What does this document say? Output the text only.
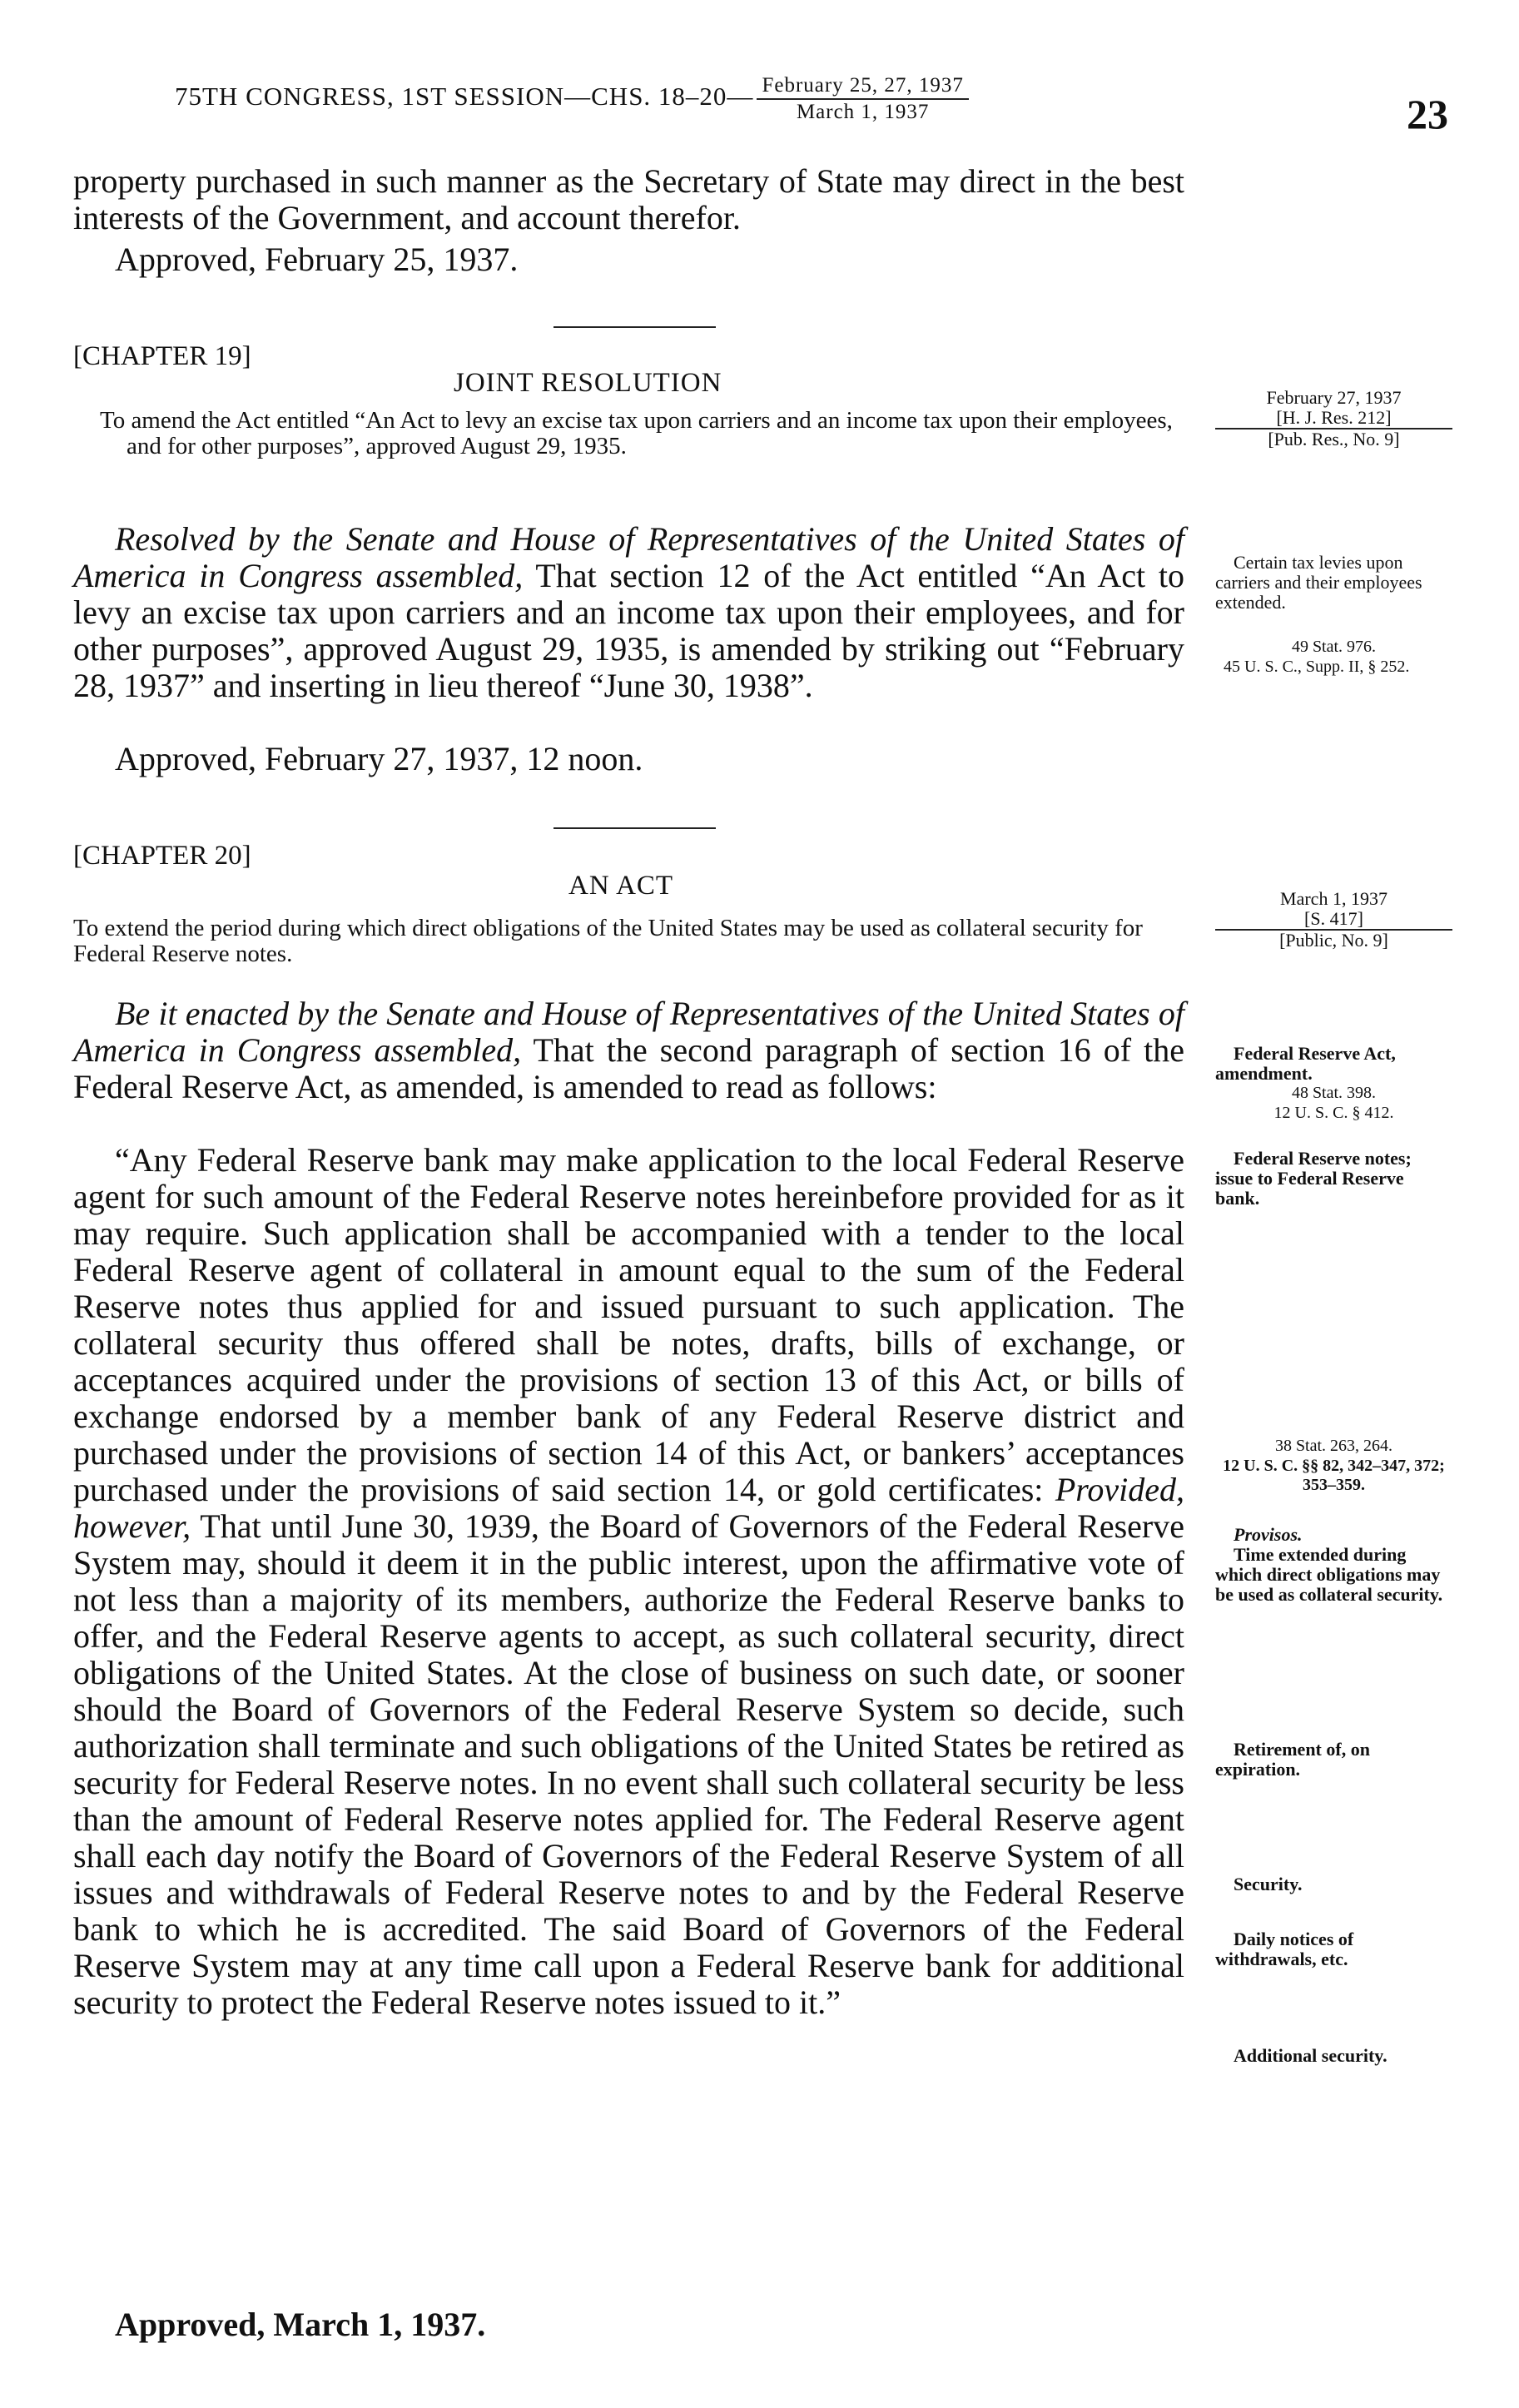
75TH CONGRESS, 1ST SESSION—CHS. 18–20— $\frac{\text{February 25, 27, 1937}}{\text{March 1, 1937}}$	23
property purchased in such manner as the Secretary of State may direct in the best interests of the Government, and account therefor.
Approved, February 25, 1937.
[CHAPTER 19]
JOINT RESOLUTION
To amend the Act entitled “An Act to levy an excise tax upon carriers and an income tax upon their employees, and for other purposes”, approved August 29, 1935.
February 27, 1937

[H. J. Res. 212]
[Pub. Res., No. 9]
Resolved by the Senate and House of Representatives of the United States of America in Congress assembled, That section 12 of the Act entitled “An Act to levy an excise tax upon carriers and an income tax upon their employees, and for other purposes”, approved August 29, 1935, is amended by striking out “February 28, 1937” and inserting in lieu thereof “June 30, 1938”.
Approved, February 27, 1937, 12 noon.
Certain tax levies upon carriers and their employees extended.
49 Stat. 976.
45 U. S. C., Supp. II, § 252.
[CHAPTER 20]
AN ACT
To extend the period during which direct obligations of the United States may be used as collateral security for Federal Reserve notes.
March 1, 1937

[S. 417]
[Public, No. 9]
Be it enacted by the Senate and House of Representatives of the United States of America in Congress assembled, That the second paragraph of section 16 of the Federal Reserve Act, as amended, is amended to read as follows:
“Any Federal Reserve bank may make application to the local Federal Reserve agent for such amount of the Federal Reserve notes hereinbefore provided for as it may require. Such application shall be accompanied with a tender to the local Federal Reserve agent of collateral in amount equal to the sum of the Federal Reserve notes thus applied for and issued pursuant to such application. The collateral security thus offered shall be notes, drafts, bills of exchange, or acceptances acquired under the provisions of section 13 of this Act, or bills of exchange endorsed by a member bank of any Federal Reserve district and purchased under the provisions of section 14 of this Act, or bankers’ acceptances purchased under the provisions of said section 14, or gold certificates: Provided, however, That until June 30, 1939, the Board of Governors of the Federal Reserve System may, should it deem it in the public interest, upon the affirmative vote of not less than a majority of its members, authorize the Federal Reserve banks to offer, and the Federal Reserve agents to accept, as such collateral security, direct obligations of the United States. At the close of business on such date, or sooner should the Board of Governors of the Federal Reserve System so decide, such authorization shall terminate and such obligations of the United States be retired as security for Federal Reserve notes. In no event shall such collateral security be less than the amount of Federal Reserve notes applied for. The Federal Reserve agent shall each day notify the Board of Governors of the Federal Reserve System of all issues and withdrawals of Federal Reserve notes to and by the Federal Reserve bank to which he is accredited. The said Board of Governors of the Federal Reserve System may at any time call upon a Federal Reserve bank for additional security to protect the Federal Reserve notes issued to it.”
Approved, March 1, 1937.
Federal Reserve Act, amendment.
48 Stat. 398.
12 U. S. C. § 412.
Federal Reserve notes; issue to Federal Reserve bank.
38 Stat. 263, 264.
12 U. S. C. §§ 82, 342–347, 372; 353–359.
Provisos.
Time extended during which direct obligations may be used as collateral security.
Retirement of, on expiration.
Security.
Daily notices of withdrawals, etc.
Additional security.
